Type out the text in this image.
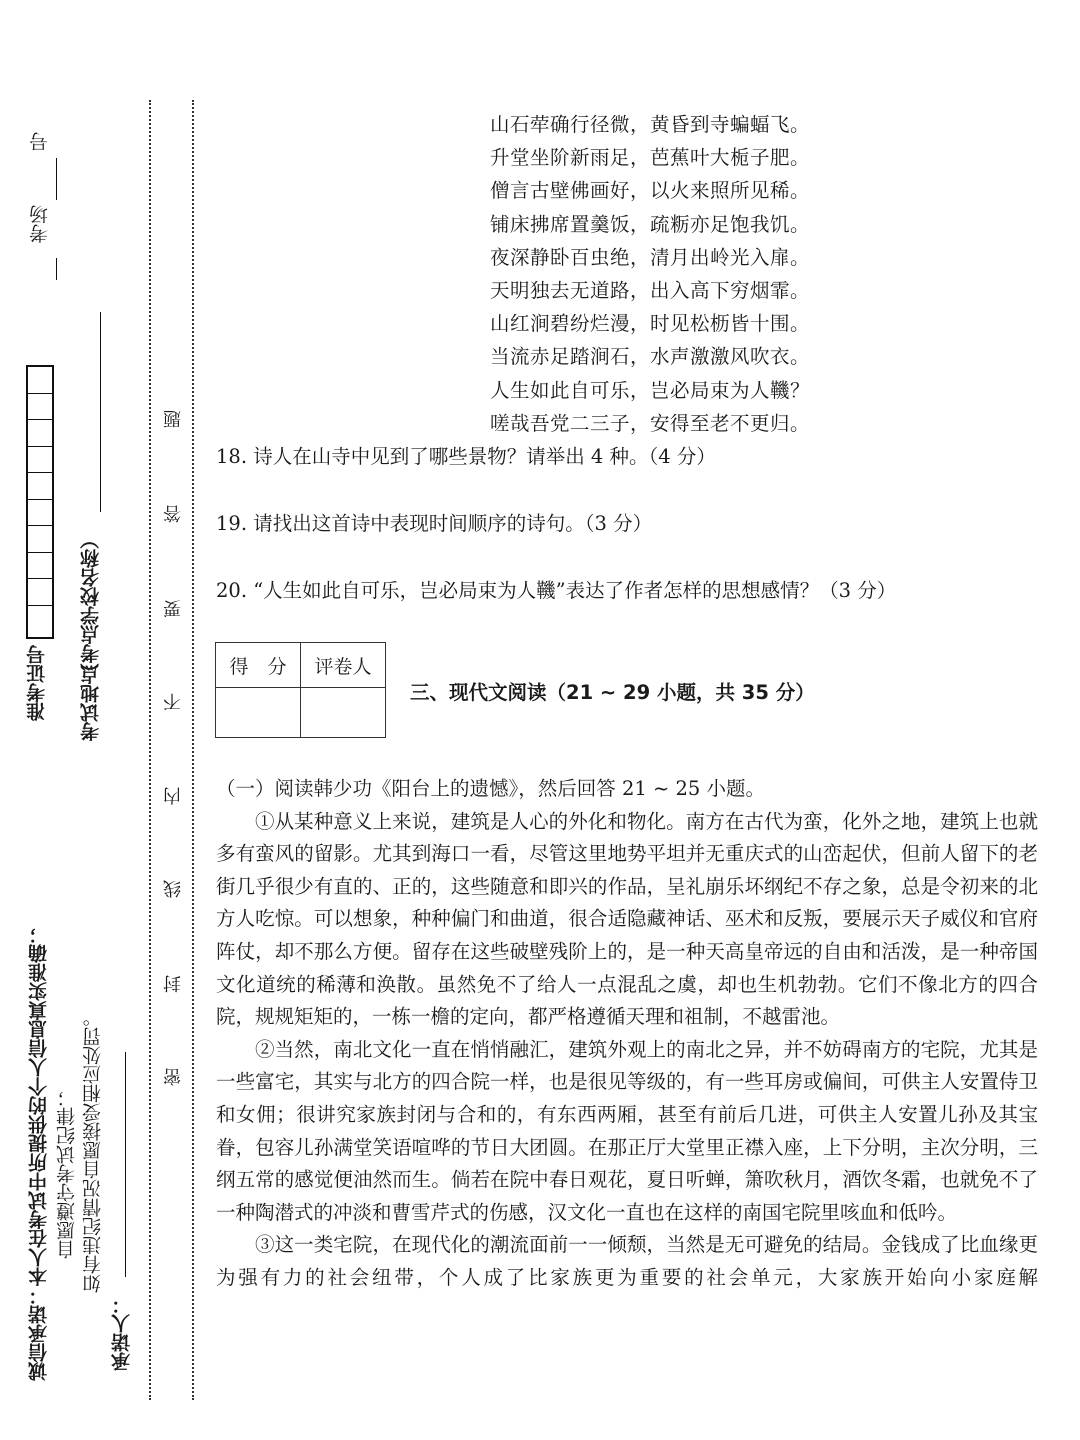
考场
号
准考证号
（考点学校名称）
考试地点
诚信承诺：本人在考试中所提供的个人信息真实准确； 自愿遵守考试纪律； 如有违纪情况自愿接受相应处罚。
承诺人：
题
答
要
不
内
线
封
密
山石荦确行径微，黄昏到寺蝙蝠飞。
升堂坐阶新雨足，芭蕉叶大栀子肥。
僧言古壁佛画好，以火来照所见稀。
铺床拂席置羹饭，疏粝亦足饱我饥。
夜深静卧百虫绝，清月出岭光入扉。
天明独去无道路，出入高下穷烟霏。
山红涧碧纷烂漫，时见松枥皆十围。
当流赤足踏涧石，水声激激风吹衣。
人生如此自可乐，岂必局束为人鞿？
嗟哉吾党二三子，安得至老不更归。
18. 诗人在山寺中见到了哪些景物？请举出 4 种。（4 分）
19. 请找出这首诗中表现时间顺序的诗句。（3 分）
20. “人生如此自可乐，岂必局束为人鞿”表达了作者怎样的思想感情？（3 分）
得　分	评卷人

三、现代文阅读（21 ~ 29 小题，共 35 分）

（一）阅读韩少功《阳台上的遗憾》，然后回答 21 ~ 25 小题。

①从某种意义上来说，建筑是人心的外化和物化。南方在古代为蛮，化外之地，建筑上也就多有蛮风的留影。尤其到海口一看，尽管这里地势平坦并无重庆式的山峦起伏，但前人留下的老街几乎很少有直的、正的，这些随意和即兴的作品，呈礼崩乐坏纲纪不存之象，总是令初来的北方人吃惊。可以想象，种种偏门和曲道，很合适隐藏神话、巫术和反叛，要展示天子威仪和官府阵仗，却不那么方便。留存在这些破壁残阶上的，是一种天高皇帝远的自由和活泼，是一种帝国文化道统的稀薄和涣散。虽然免不了给人一点混乱之虞，却也生机勃勃。它们不像北方的四合院，规规矩矩的，一栋一檐的定向，都严格遵循天理和祖制，不越雷池。

②当然，南北文化一直在悄悄融汇，建筑外观上的南北之异，并不妨碍南方的宅院，尤其是一些富宅，其实与北方的四合院一样，也是很见等级的，有一些耳房或偏间，可供主人安置侍卫和女佣；很讲究家族封闭与合和的，有东西两厢，甚至有前后几进，可供主人安置儿孙及其宝眷，包容儿孙满堂笑语喧哗的节日大团圆。在那正厅大堂里正襟入座，上下分明，主次分明，三纲五常的感觉便油然而生。倘若在院中春日观花，夏日听蝉，箫吹秋月，酒饮冬霜，也就免不了一种陶潜式的冲淡和曹雪芹式的伤感，汉文化一直也在这样的南国宅院里咳血和低吟。

③这一类宅院，在现代化的潮流面前一一倾颓，当然是无可避免的结局。金钱成了比血缘更为强有力的社会纽带，个人成了比家族更为重要的社会单元，大家族开始向小家庭解
